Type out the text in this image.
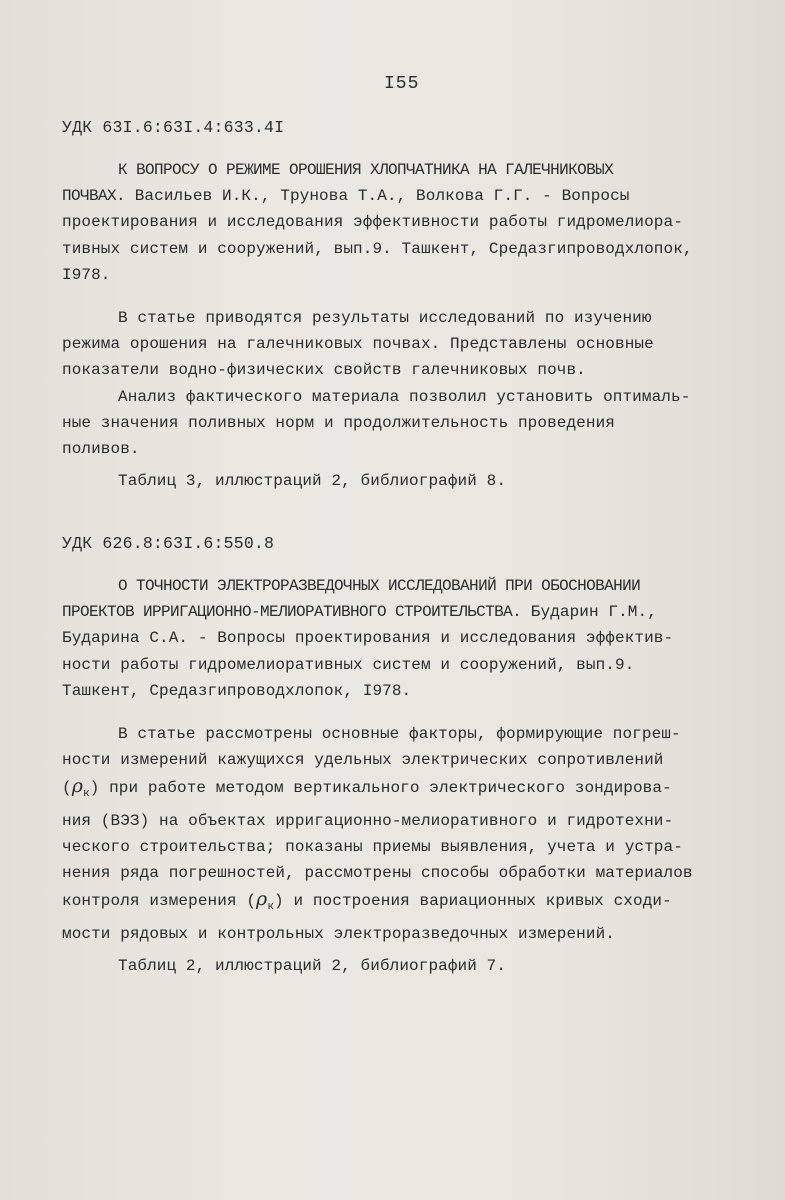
I55
УДК 63I.6:63I.4:633.4I
К ВОПРОСУ О РЕЖИМЕ ОРОШЕНИЯ ХЛОПЧАТНИКА НА ГАЛЕЧНИКОВЫХ
ПОЧВАХ. Васильев И.К., Трунова Т.А., Волкова Г.Г. - Вопросы
проектирования и исследования эффективности работы гидромелиора-
тивных систем и сооружений, вып.9. Ташкент, Средазгипроводхлопок,
I978.
В статье приводятся результаты исследований по изучению
режима орошения на галечниковых почвах. Представлены основные
показатели водно-физических свойств галечниковых почв.
Анализ фактического материала позволил установить оптималь-
ные значения поливных норм и продолжительность проведения
поливов.
Таблиц 3, иллюстраций 2, библиографий 8.
УДК 626.8:63I.6:550.8
О ТОЧНОСТИ ЭЛЕКТРОРАЗВЕДОЧНЫХ ИССЛЕДОВАНИЙ ПРИ ОБОСНОВАНИИ
ПРОЕКТОВ ИРРИГАЦИОННО-МЕЛИОРАТИВНОГО СТРОИТЕЛЬСТВА. Бударин Г.М.,
Бударина С.А. - Вопросы проектирования и исследования эффектив-
ности работы гидромелиоративных систем и сооружений, вып.9.
Ташкент, Средазгипроводхлопок, I978.
В статье рассмотрены основные факторы, формирующие погреш-
ности измерений кажущихся удельных электрических сопротивлений
$(\rho_к)$ при работе методом вертикального электрического зондирова-
ния (ВЭЗ) на объектах ирригационно-мелиоративного и гидротехни-
ческого строительства; показаны приемы выявления, учета и устра-
нения ряда погрешностей, рассмотрены способы обработки материалов
контроля измерения $(\rho_к)$ и построения вариационных кривых сходи-
мости рядовых и контрольных электроразведочных измерений.
Таблиц 2, иллюстраций 2, библиографий 7.
